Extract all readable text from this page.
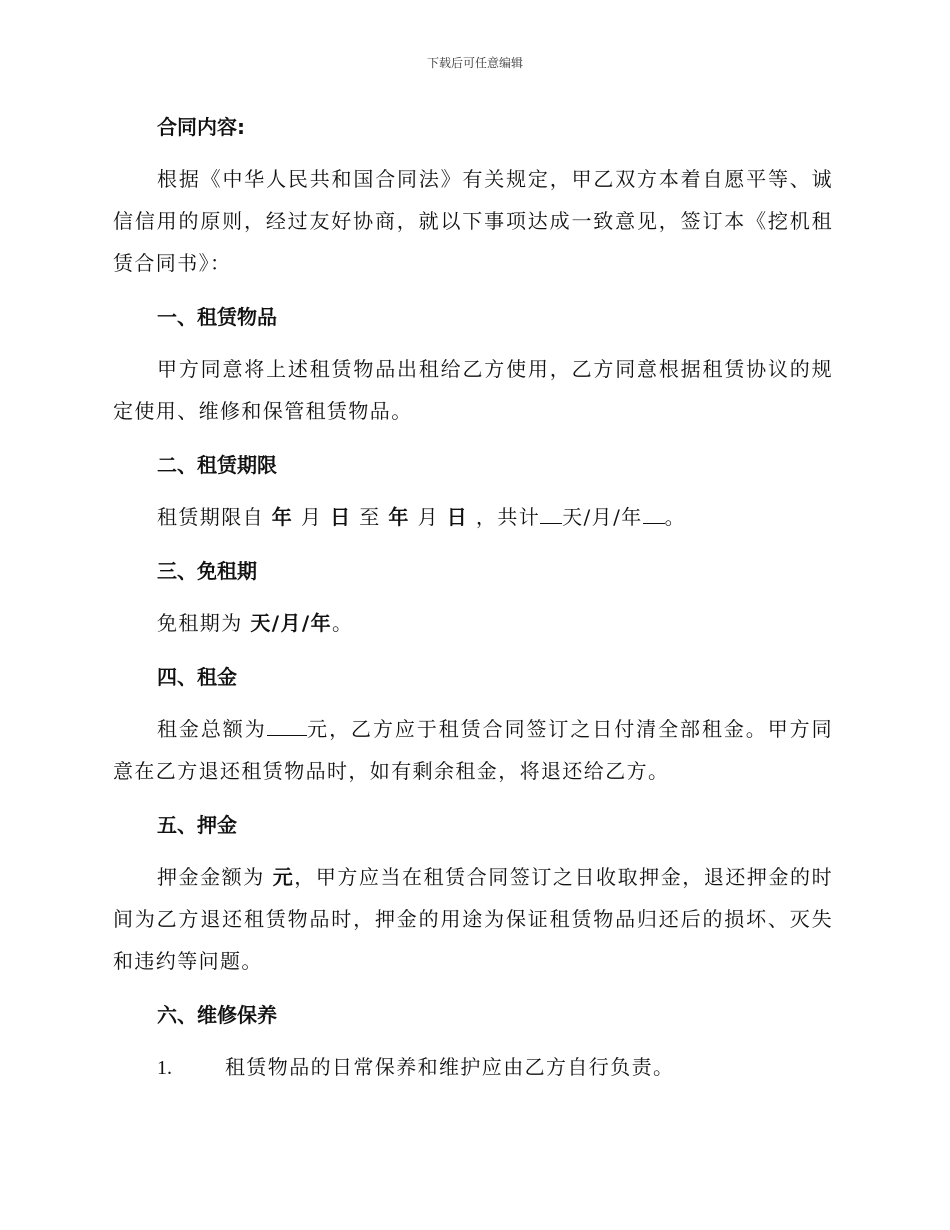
下载后可任意编辑
合同内容:

根据《中华人民共和国合同法》有关规定，甲乙双方本着自愿平等、诚信信用的原则，经过友好协商，就以下事项达成一致意见，签订本《挖机租赁合同书》：

一、租赁物品

甲方同意将上述租赁物品出租给乙方使用，乙方同意根据租赁协议的规定使用、维修和保管租赁物品。

二、租赁期限

租赁期限自 年 月 日 至 年 月 日 ，共计 天/月/年 。

三、免租期

免租期为 天/月/年。

四、租金

租金总额为 元，乙方应于租赁合同签订之日付清全部租金。甲方同意在乙方退还租赁物品时，如有剩余租金，将退还给乙方。

五、押金

押金金额为 元，甲方应当在租赁合同签订之日收取押金，退还押金的时间为乙方退还租赁物品时，押金的用途为保证租赁物品归还后的损坏、灭失和违约等问题。

六、维修保养

1.	租赁物品的日常保养和维护应由乙方自行负责。
